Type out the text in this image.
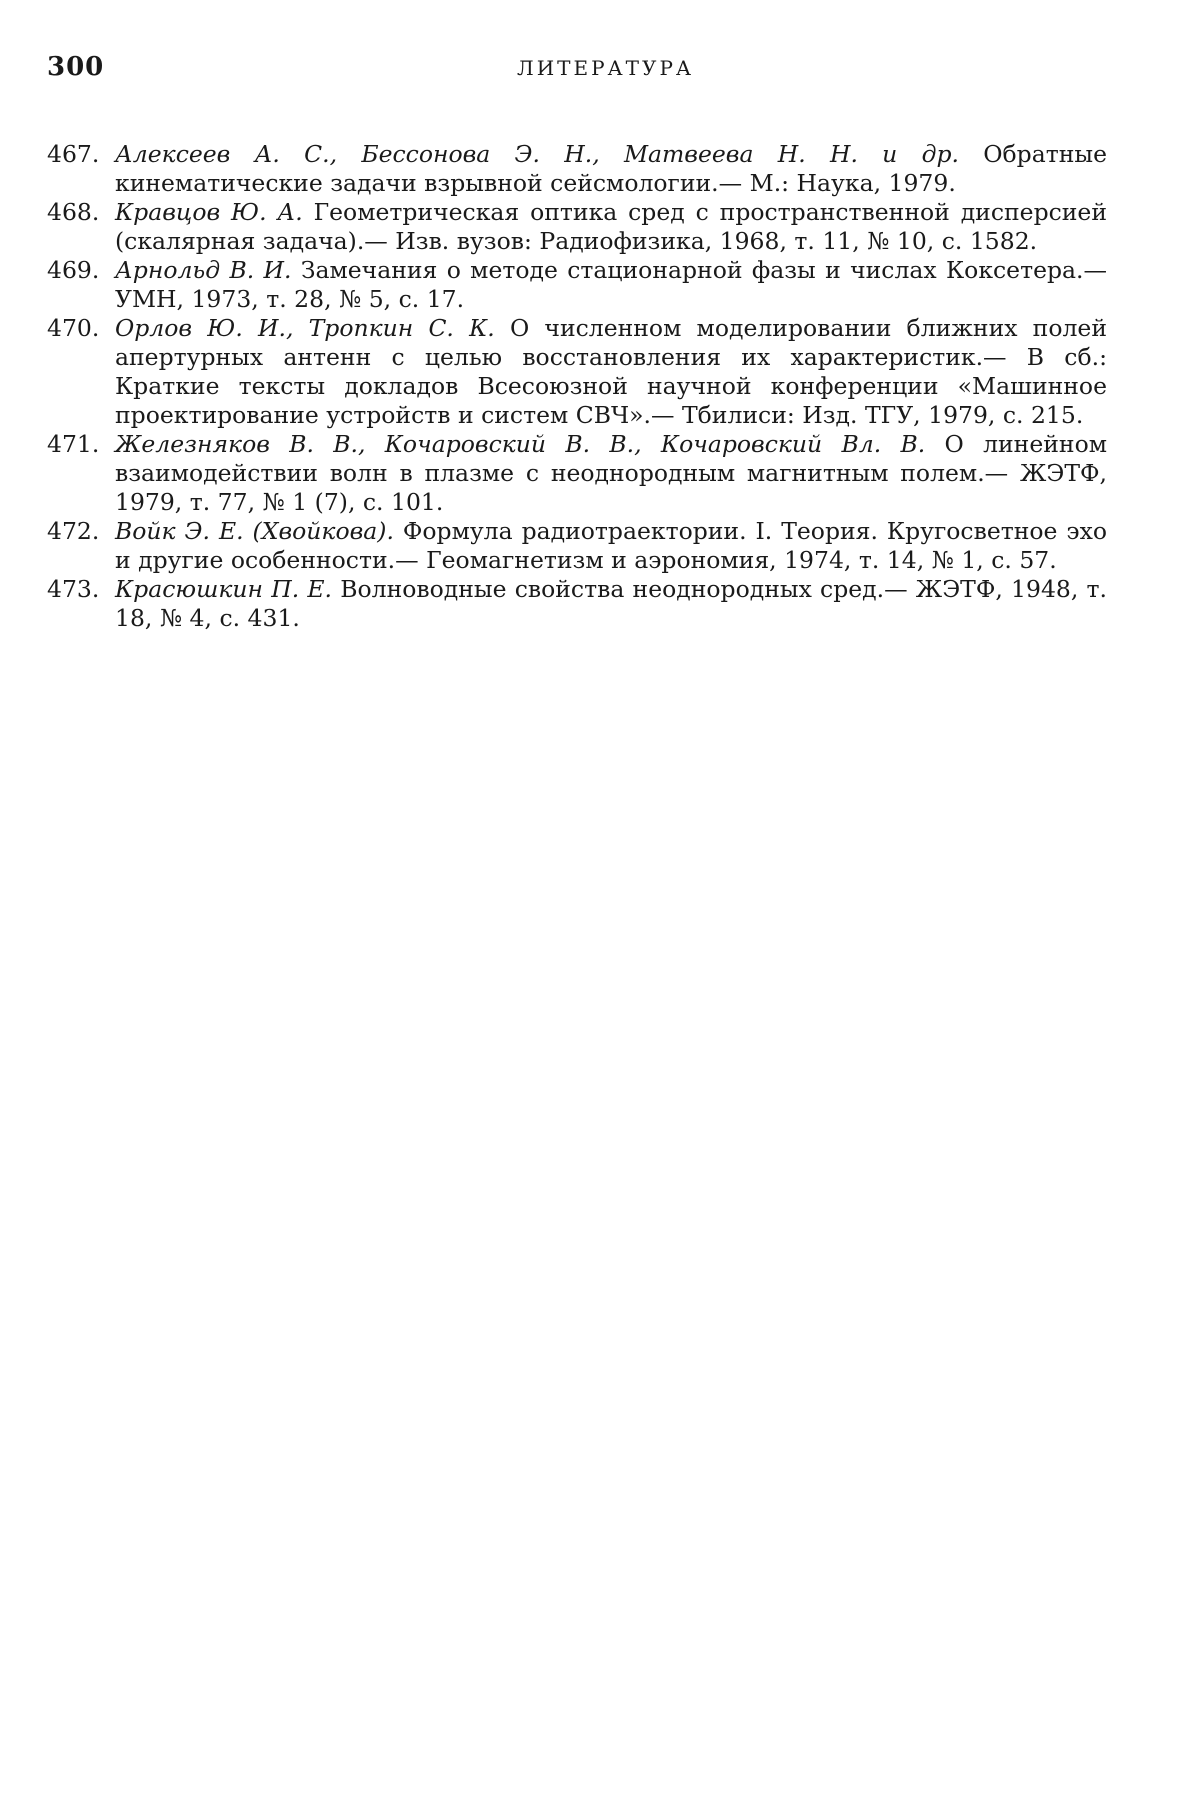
300	ЛИТЕРАТУРА
467. Алексеев А. С., Бессонова Э. Н., Матвеева Н. Н. и др. Обратные кинематические задачи взрывной сейсмологии.— М.: Наука, 1979.
468. Кравцов Ю. А. Геометрическая оптика сред с пространственной дисперсией (скалярная задача).— Изв. вузов: Радиофизика, 1968, т. 11, № 10, с. 1582.
469. Арнольд В. И. Замечания о методе стационарной фазы и числах Коксетера.— УМН, 1973, т. 28, № 5, с. 17.
470. Орлов Ю. И., Тропкин С. К. О численном моделировании ближних полей апертурных антенн с целью восстановления их характеристик.— В сб.: Краткие тексты докладов Всесоюзной научной конференции «Машинное проектирование устройств и систем СВЧ».— Тбилиси: Изд. ТГУ, 1979, с. 215.
471. Железняков В. В., Кочаровский В. В., Кочаровский Вл. В. О линейном взаимодействии волн в плазме с неоднородным магнитным полем.— ЖЭТФ, 1979, т. 77, № 1 (7), с. 101.
472. Войк Э. Е. (Хвойкова). Формула радиотраектории. I. Теория. Кругосветное эхо и другие особенности.— Геомагнетизм и аэрономия, 1974, т. 14, № 1, с. 57.
473. Красюшкин П. Е. Волноводные свойства неоднородных сред.— ЖЭТФ, 1948, т. 18, № 4, с. 431.
